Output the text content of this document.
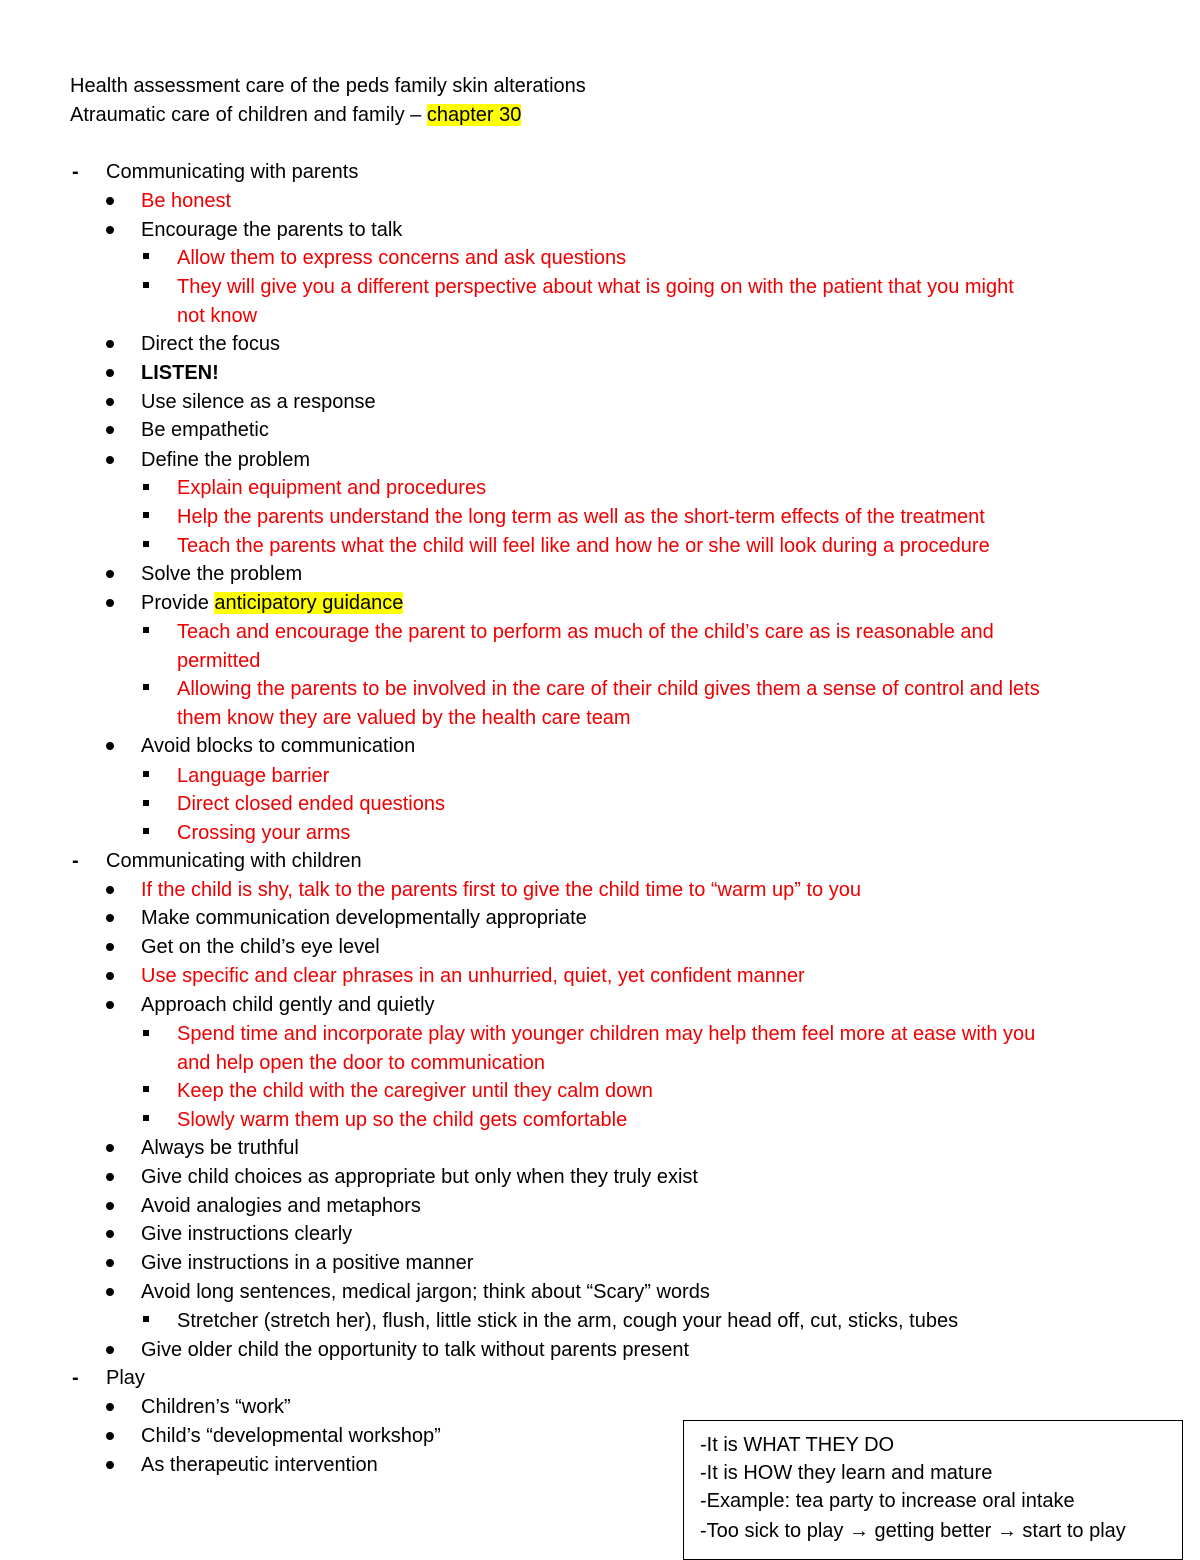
Health assessment care of the peds family skin alterations
Atraumatic care of children and family – chapter 30
- Communicating with parents
Be honest
Encourage the parents to talk
Allow them to express concerns and ask questions
They will give you a different perspective about what is going on with the patient that you might
not know
Direct the focus
LISTEN!
Use silence as a response
Be empathetic
Define the problem
Explain equipment and procedures
Help the parents understand the long term as well as the short-term effects of the treatment
Teach the parents what the child will feel like and how he or she will look during a procedure
Solve the problem
Provide anticipatory guidance
Teach and encourage the parent to perform as much of the child’s care as is reasonable and
permitted
Allowing the parents to be involved in the care of their child gives them a sense of control and lets
them know they are valued by the health care team
Avoid blocks to communication
Language barrier
Direct closed ended questions
Crossing your arms
- Communicating with children
If the child is shy, talk to the parents first to give the child time to “warm up” to you
Make communication developmentally appropriate
Get on the child’s eye level
Use specific and clear phrases in an unhurried, quiet, yet confident manner
Approach child gently and quietly
Spend time and incorporate play with younger children may help them feel more at ease with you
and help open the door to communication
Keep the child with the caregiver until they calm down
Slowly warm them up so the child gets comfortable
Always be truthful
Give child choices as appropriate but only when they truly exist
Avoid analogies and metaphors
Give instructions clearly
Give instructions in a positive manner
Avoid long sentences, medical jargon; think about “Scary” words
Stretcher (stretch her), flush, little stick in the arm, cough your head off, cut, sticks, tubes
Give older child the opportunity to talk without parents present
- Play
Children’s “work”
Child’s “developmental workshop”
As therapeutic intervention
-It is WHAT THEY DO
-It is HOW they learn and mature
-Example: tea party to increase oral intake
-Too sick to play → getting better → start to play
